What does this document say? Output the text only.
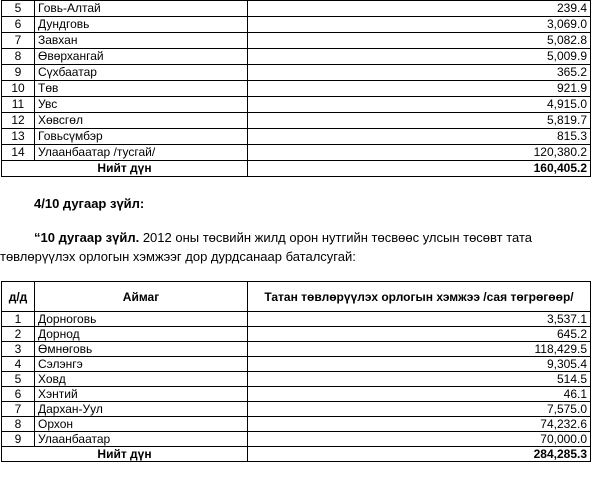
5	Говь-Алтай	239.4
6	Дундговь	3,069.0
7	Завхан	5,082.8
8	Өвөрхангай	5,009.9
9	Сүхбаатар	365.2
10	Төв	921.9
11	Увс	4,915.0
12	Хөвсгөл	5,819.7
13	Говьсүмбэр	815.3
14	Улаанбаатар /тусгай/	120,380.2
Нийт дүн		160,405.2
4/10 дугаар зүйл:
“10 дугаар зүйл. 2012 оны төсвийн жилд орон нутгийн төсвөөс улсын төсөвт тата
төвлөрүүлэх орлогын хэмжээг дор дурдсанаар баталсугай:
д/д	Аймаг	Татан төвлөрүүлэх орлогын хэмжээ /сая төгрөгөөр/
1	Дорноговь	3,537.1
2	Дорнод	645.2
3	Өмнөговь	118,429.5
4	Сэлэнгэ	9,305.4
5	Ховд	514.5
6	Хэнтий	46.1
7	Дархан-Уул	7,575.0
8	Орхон	74,232.6
9	Улаанбаатар	70,000.0
Нийт дүн		284,285.3
